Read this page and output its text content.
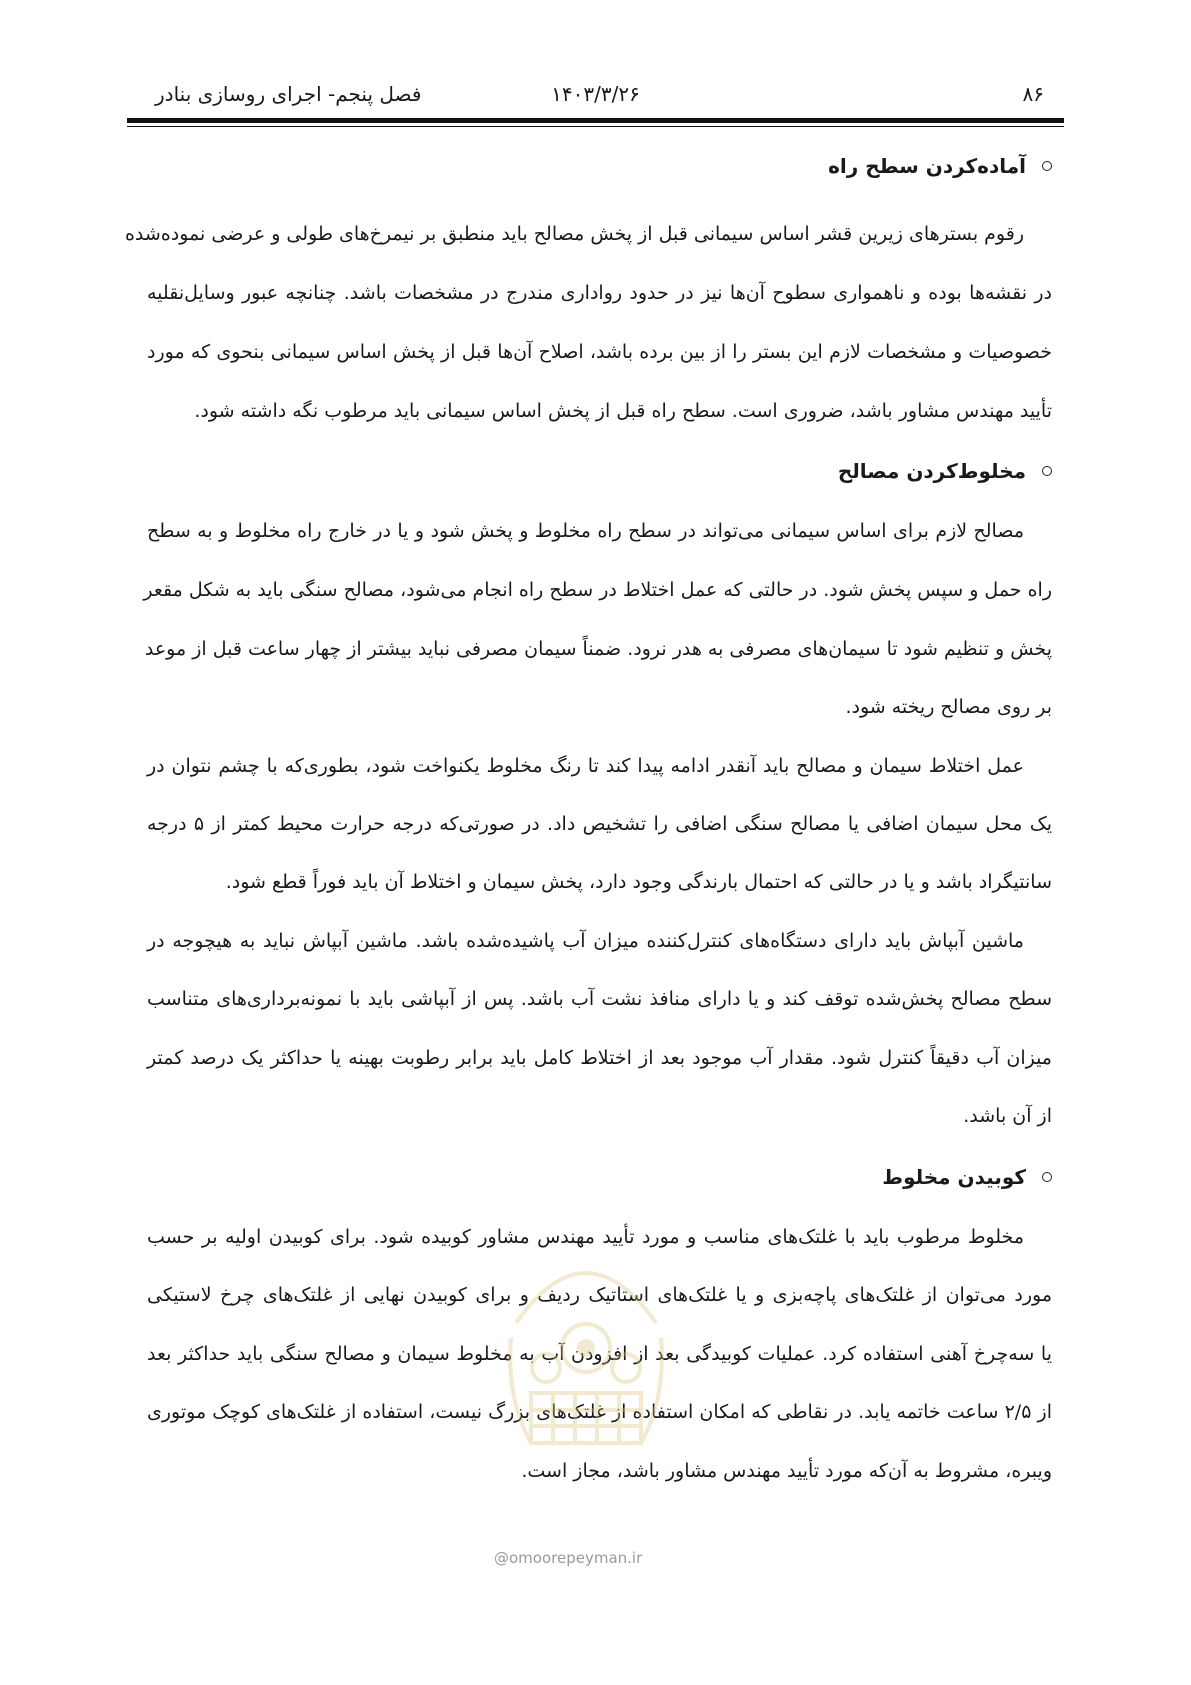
۸۶
۱۴۰۳/۳/۲۶
فصل پنجم- اجرای روسازی بنادر
آماده‌کردن سطح راه
رقوم بسترهای زیرین قشر اساس سیمانی قبل از پخش مصالح باید منطبق بر نیمرخ‌های طولی و عرضی نموده‌شده
در نقشه‌ها بوده و ناهمواری سطوح آن‌ها نیز در حدود رواداری مندرج در مشخصات باشد. چنانچه عبور وسایل‌نقلیه
خصوصیات و مشخصات لازم این بستر را از بین برده باشد، اصلاح آن‌ها قبل از پخش اساس سیمانی بنحوی که مورد
تأیید مهندس مشاور باشد، ضروری است. سطح راه قبل از پخش اساس سیمانی باید مرطوب نگه داشته شود.
مخلوط‌کردن مصالح
مصالح لازم برای اساس سیمانی می‌تواند در سطح راه مخلوط و پخش شود و یا در خارج راه مخلوط و به سطح
راه حمل و سپس پخش شود. در حالتی که عمل اختلاط در سطح راه انجام می‌شود، مصالح سنگی باید به شکل مقعر
پخش و تنظیم شود تا سیمان‌های مصرفی به هدر نرود. ضمناً سیمان مصرفی نباید بیشتر از چهار ساعت قبل از موعد
بر روی مصالح ریخته شود.
عمل اختلاط سیمان و مصالح باید آنقدر ادامه پیدا کند تا رنگ مخلوط یکنواخت شود، بطوری‌که با چشم نتوان در
یک محل سیمان اضافی یا مصالح سنگی اضافی را تشخیص داد. در صورتی‌که درجه حرارت محیط کمتر از ۵ درجه
سانتیگراد باشد و یا در حالتی که احتمال بارندگی وجود دارد، پخش سیمان و اختلاط آن باید فوراً قطع شود.
ماشین آبپاش باید دارای دستگاه‌های کنترل‌کننده میزان آب پاشیده‌شده باشد. ماشین آبپاش نباید به هیچوجه در
سطح مصالح پخش‌شده توقف کند و یا دارای منافذ نشت آب باشد. پس از آبپاشی باید با نمونه‌برداری‌های متناسب
میزان آب دقیقاً کنترل شود. مقدار آب موجود بعد از اختلاط کامل باید برابر رطوبت بهینه یا حداکثر یک درصد کمتر
از آن باشد.
کوبیدن مخلوط
مخلوط مرطوب باید با غلتک‌های مناسب و مورد تأیید مهندس مشاور کوبیده شود. برای کوبیدن اولیه بر حسب
مورد می‌توان از غلتک‌های پاچه‌بزی و یا غلتک‌های استاتیک ردیف و برای کوبیدن نهایی از غلتک‌های چرخ لاستیکی
یا سه‌چرخ آهنی استفاده کرد. عملیات کوبیدگی بعد از افزودن آب به مخلوط سیمان و مصالح سنگی باید حداکثر بعد
از ۲/۵ ساعت خاتمه یابد. در نقاطی که امکان استفاده از غلتک‌های بزرگ نیست، استفاده از غلتک‌های کوچک موتوری
ویبره، مشروط به آن‌که مورد تأیید مهندس مشاور باشد، مجاز است.
@omoorepeyman.ir
